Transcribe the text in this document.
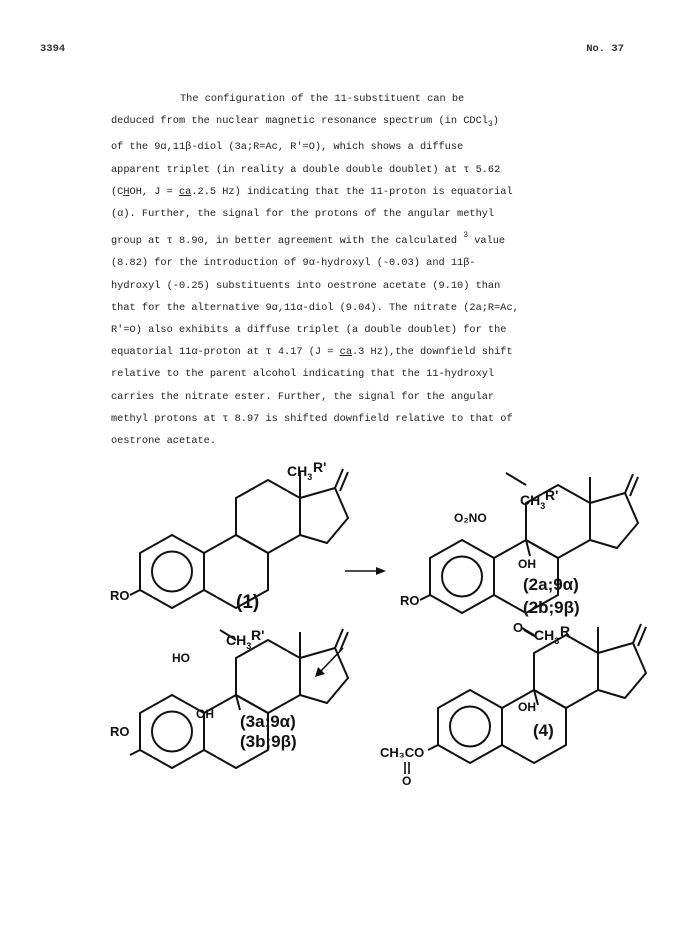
3394	No. 37
The configuration of the 11-substituent can be
deduced from the nuclear magnetic resonance spectrum (in CDCl$_3$)
of the 9α,11β-diol (3a;R=Ac, R'=O), which shows a diffuse
apparent triplet (in reality a double double doublet) at τ 5.62
(CHOH, J = ca.2.5 Hz) indicating that the 11-proton is equatorial
(α). Further, the signal for the protons of the angular methyl
group at τ 8.90, in better agreement with the calculated $^3$ value
(8.82) for the introduction of 9α-hydroxyl (-0.03) and 11β-
hydroxyl (-0.25) substituents into oestrone acetate (9.10) than
that for the alternative 9α,11α-diol (9.04). The nitrate (2a;R=Ac,
R'=O) also exhibits a diffuse triplet (a double doublet) for the
equatorial 11α-proton at τ 4.17 (J = ca.3 Hz),the downfield shift
relative to the parent alcohol indicating that the 11-hydroxyl
carries the nitrate ester. Further, the signal for the angular
methyl protons at τ 8.97 is shifted downfield relative to that of
oestrone acetate.
RO
$CH_3$
R'
(1)	RO
O₂NO
OH
$CH_3$
R'
(2a;9α)
(2b;9β)
RO
HO
OH
$CH_3$
R'
(3a;9α)
(3b;9β)
CH₃CO
O
O
OH
$CH_3$
R
(4)
